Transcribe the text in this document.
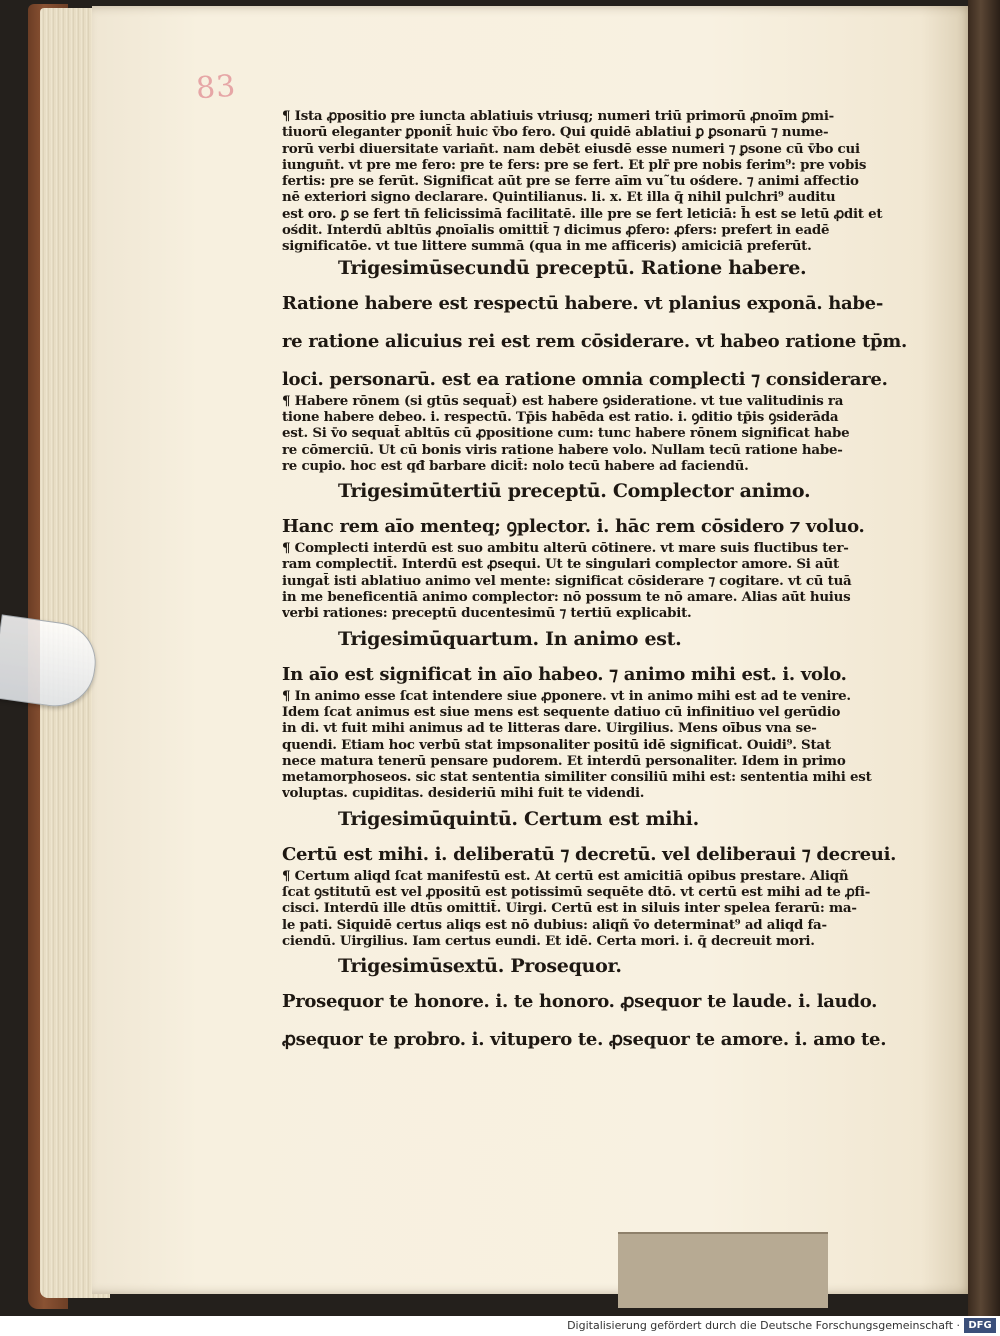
83
¶ Ista ꝓpositio pre iuncta ablatiuis vtriusq; numeri triū primorū ꝓnoīm ꝑmi-
tiuorū eleganter ꝑponit̄ huic v̄bo fero. Qui quidē ablatiui ꝑ ꝑsonarū ⁊ nume-
rorū verbi diuersitate varian̄t. nam debēt eiusdē esse numeri ⁊ ꝑsone cū v̄bo cui
iungun̄t. vt pre me fero: pre te fers: pre se fert. Et plr̄ pre nobis ferim⁹: pre vobis
fertis: pre se ferūt. Significat aūt pre se ferre aīm vu˜tu ośdere. ⁊ animi affectio
nē exteriori signo declarare. Quintilianus. li. x. Et illa q̄ nihil pulchri⁹ auditu
est oro. ꝑ se fert tn̄ felicissimā facilitatē. ille pre se fert leticiā: h̄ est se letū ꝓdit et
ośdit. Interdū abltūs ꝓnoīalis omittit̄ ⁊ dicimus ꝓfero: ꝓfers: prefert in eadē
significatōe. vt tue littere summā (qua in me afficeris) amiciciā preferūt.
Trigesimūsecundū preceptū. Ratione habere.
Ratione habere est respectū habere. vt planius exponā. habe-
re ratione alicuius rei est rem cōsiderare. vt habeo ratione tp̄m.
loci. personarū. est ea ratione omnia complecti ⁊ considerare.
¶ Habere rōnem (si gtūs sequat̄) est habere ꝯsideratione. vt tue valitudinis ra
tione habere debeo. i. respectū. Tp̄is habēda est ratio. i. ꝯditio tp̄is ꝯsiderāda
est. Si v̄o sequat̄ abltūs cū ꝓpositione cum: tunc habere rōnem significat habe
re cōmerciū. Ut cū bonis viris ratione habere volo. Nullam tecū ratione habe-
re cupio. hoc est qđ barbare dicit̄: nolo tecū habere ad faciendū.
Trigesimūtertiū preceptū. Complector animo.
Hanc rem aīo menteq; ꝯplector. i. hāc rem cōsidero ⁊ voluo.
¶ Complecti interdū est suo ambitu alterū cōtinere. vt mare suis fluctibus ter-
ram complectit̄. Interdū est ꝓsequi. Ut te singulari complector amore. Si aūt
iungat̄ isti ablatiuo animo vel mente: significat cōsiderare ⁊ cogitare. vt cū tuā
in me beneficentiā animo complector: nō possum te nō amare. Alias aūt huius
verbi rationes: preceptū ducentesimū ⁊ tertiū explicabit.
Trigesimūquartum. In animo est.
In aīo est significat in aīo habeo. ⁊ animo mihi est. i. volo.
¶ In animo esse ſcat intendere siue ꝓponere. vt in animo mihi est ad te venire.
Idem ſcat animus est siue mens est sequente datiuo cū infinitiuo vel gerūdio
in di. vt fuit mihi animus ad te litteras dare. Uirgilius. Mens oībus vna se-
quendi. Etiam hoc verbū stat impsonaliter positū idē significat. Ouidi⁹. Stat
nece matura tenerū pensare pudorem. Et interdū personaliter. Idem in primo
metamorphoseos. sic stat sententia similiter consiliū mihi est: sententia mihi est
voluptas. cupiditas. desideriū mihi fuit te videndi.
Trigesimūquintū. Certum est mihi.
Certū est mihi. i. deliberatū ⁊ decretū. vel deliberaui ⁊ decreui.
¶ Certum aliqd ſcat manifestū est. At certū est amicitiā opibus prestare. Aliqñ
ſcat ꝯstitutū est vel ꝓpositū est potissimū sequēte dtō. vt certū est mihi ad te ꝓfi-
cisci. Interdū ille dtūs omittit̄. Uirgi. Certū est in siluis inter spelea ferarū: ma-
le pati. Siquidē certus aliqs est nō dubius: aliqñ v̄o determinat⁹ ad aliqd fa-
ciendū. Uirgilius. Iam certus eundi. Et idē. Certa mori. i. q̄ decreuit mori.
Trigesimūsextū. Prosequor.
Prosequor te honore. i. te honoro. ꝓsequor te laude. i. laudo.
ꝓsequor te probro. i. vitupero te. ꝓsequor te amore. i. amo te.
Digitalisierung gefördert durch die Deutsche Forschungsgemeinschaft · DFG
